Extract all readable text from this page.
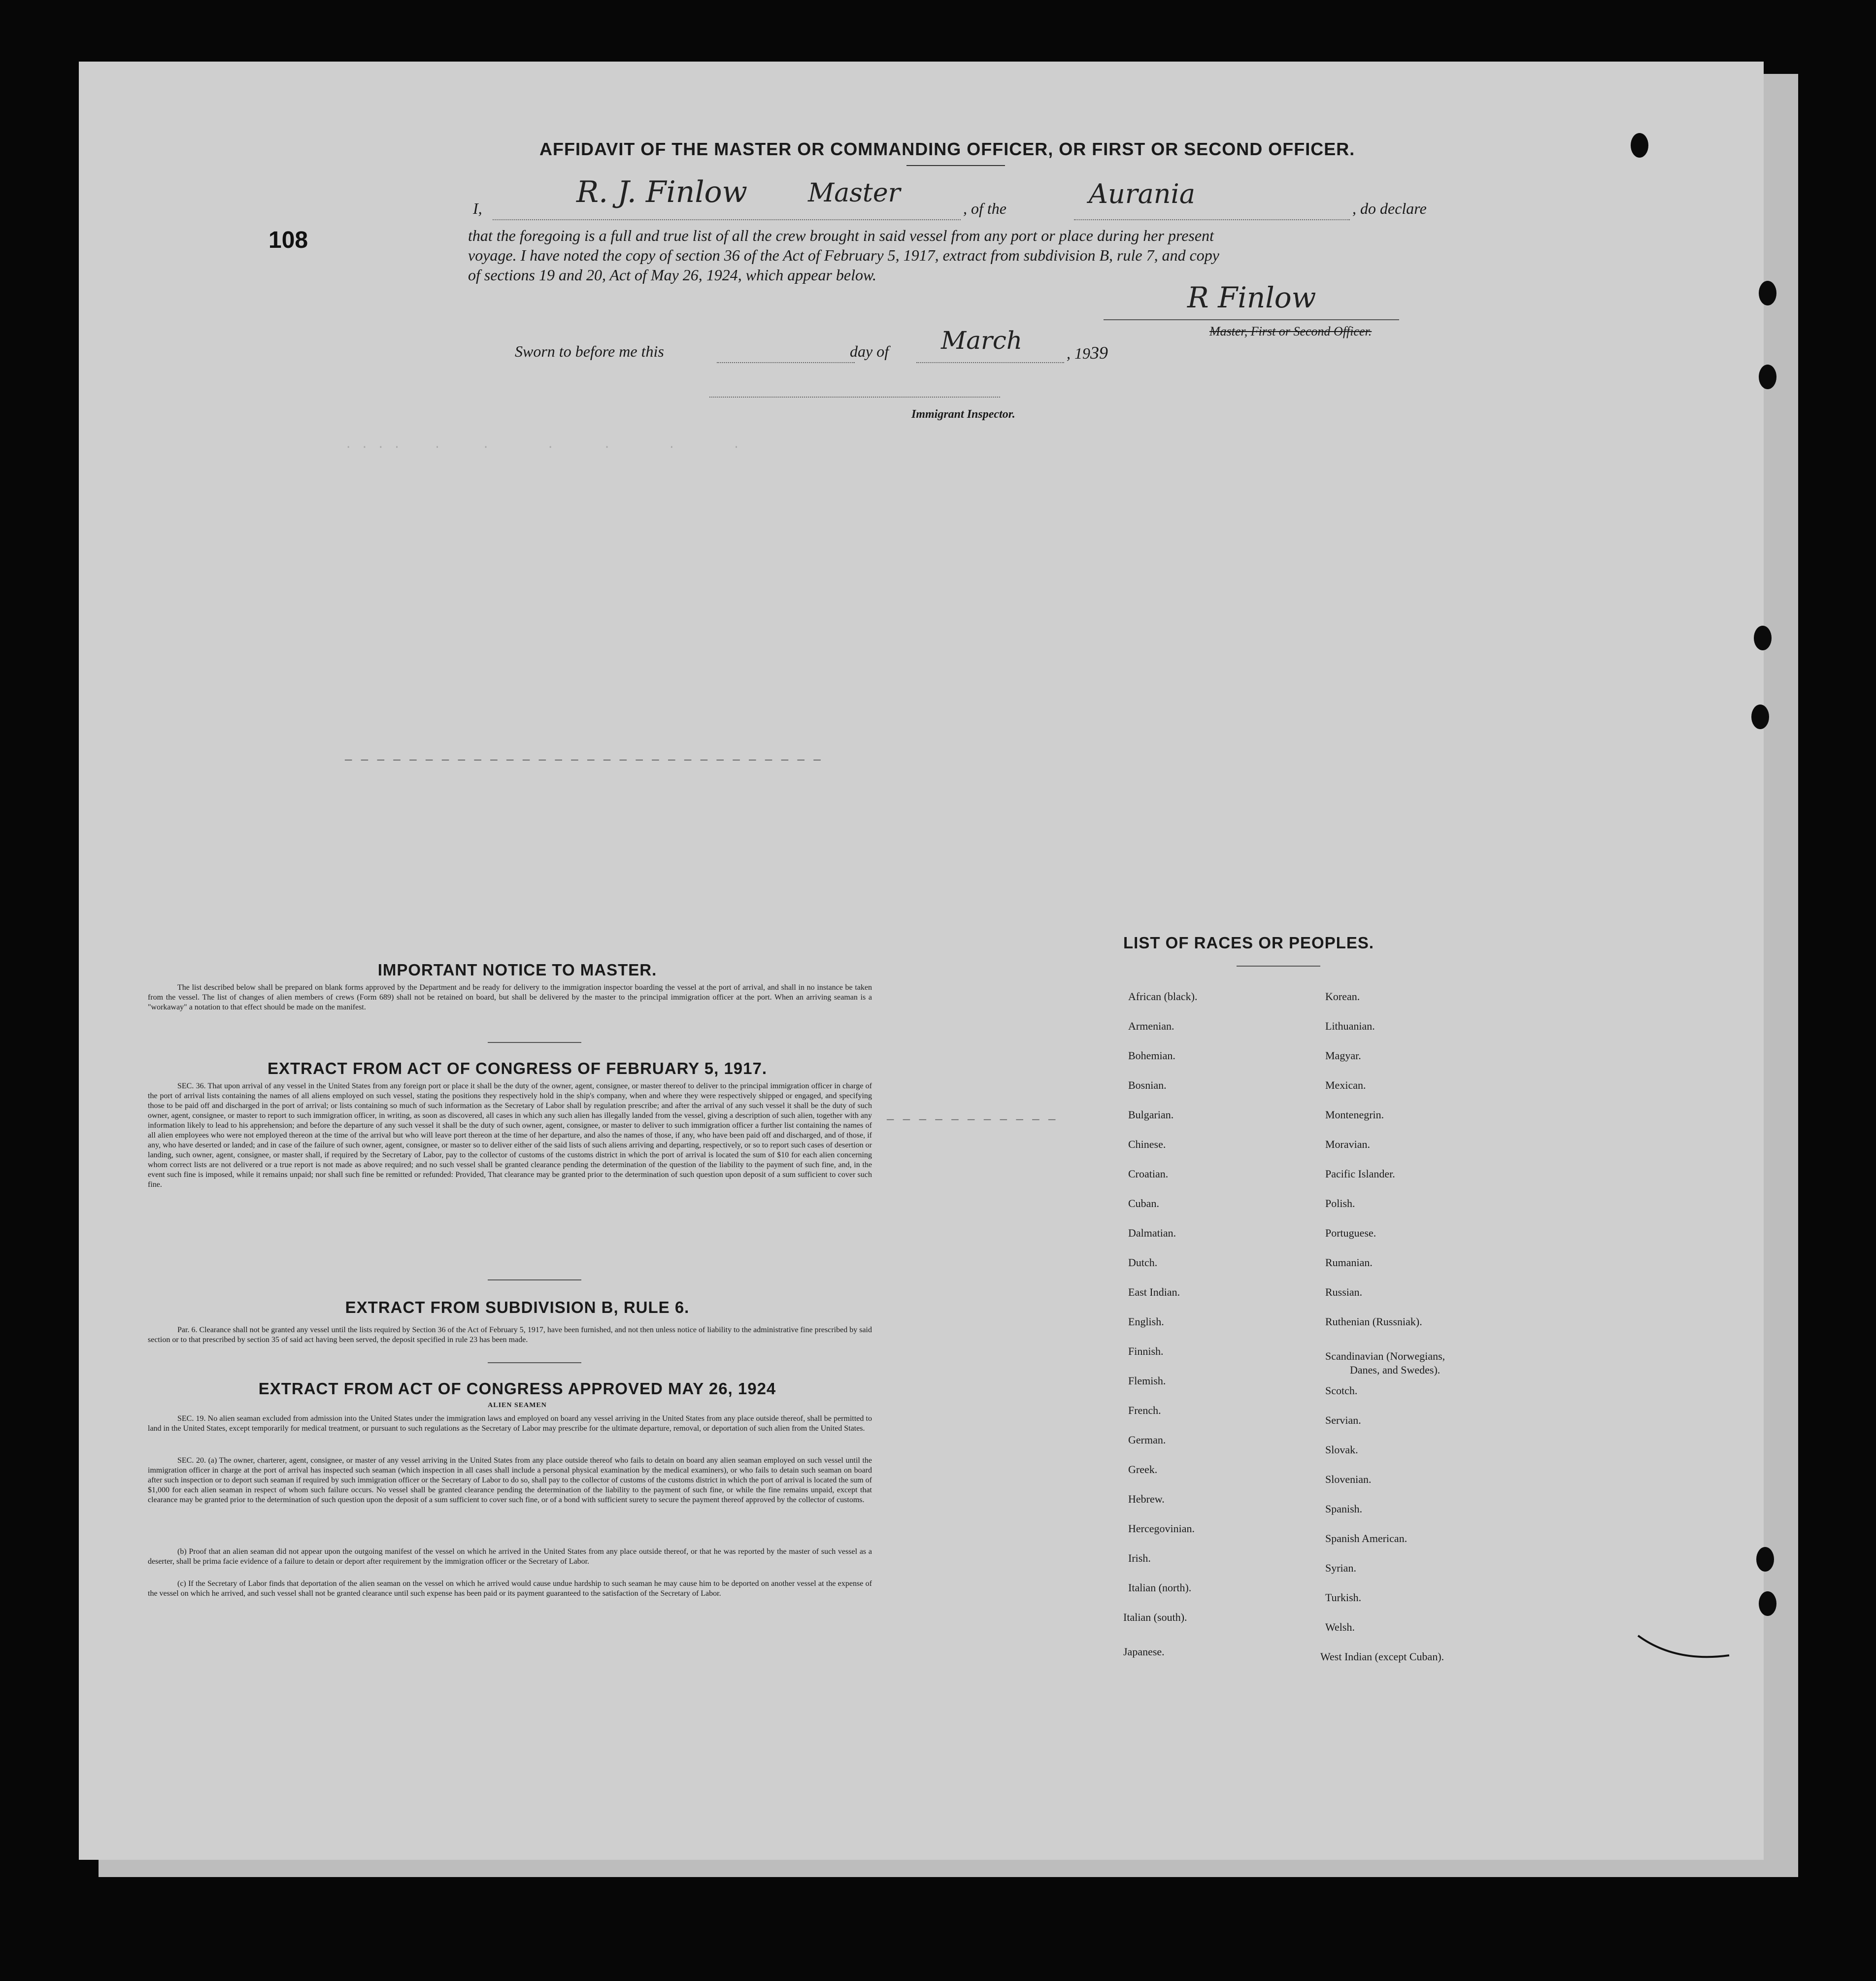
. . . .    .     .       .      .       .       .
— — — — — — — — — — — — — — — — — — — — — — — — — — — — — —
— — — — — — — — — — —
AFFIDAVIT OF THE MASTER OR COMMANDING OFFICER, OR FIRST OR SECOND OFFICER.
108
I,	R. J. Finlow Master
, of the	Aurania	, do declare
that the foregoing is a full and true list of all the crew brought in said vessel from any port or place during her present
voyage. I have noted the copy of section 36 of the Act of February 5, 1917, extract from subdivision B, rule 7, and copy
of sections 19 and 20, Act of May 26, 1924, which appear below.
R Finlow
Master, First or Second Officer.
Sworn to before me this	day of March	, 1939
Immigrant Inspector.
IMPORTANT NOTICE TO MASTER.
The list described below shall be prepared on blank forms approved by the Department and be ready for delivery to the immigration inspector boarding the vessel at the port of arrival, and shall in no instance be taken from the vessel. The list of changes of alien members of crews (Form 689) shall not be retained on board, but shall be delivered by the master to the principal immigration officer at the port. When an arriving seaman is a "workaway" a notation to that effect should be made on the manifest.
EXTRACT FROM ACT OF CONGRESS OF FEBRUARY 5, 1917.
SEC. 36. That upon arrival of any vessel in the United States from any foreign port or place it shall be the duty of the owner, agent, consignee, or master thereof to deliver to the principal immigration officer in charge of the port of arrival lists containing the names of all aliens employed on such vessel, stating the positions they respectively hold in the ship's company, when and where they were respectively shipped or engaged, and specifying those to be paid off and discharged in the port of arrival; or lists containing so much of such information as the Secretary of Labor shall by regulation prescribe; and after the arrival of any such vessel it shall be the duty of such owner, agent, consignee, or master to report to such immigration officer, in writing, as soon as discovered, all cases in which any such alien has illegally landed from the vessel, giving a description of such alien, together with any information likely to lead to his apprehension; and before the departure of any such vessel it shall be the duty of such owner, agent, consignee, or master to deliver to such immigration officer a further list containing the names of all alien employees who were not employed thereon at the time of the arrival but who will leave port thereon at the time of her departure, and also the names of those, if any, who have been paid off and discharged, and of those, if any, who have deserted or landed; and in case of the failure of such owner, agent, consignee, or master so to deliver either of the said lists of such aliens arriving and departing, respectively, or so to report such cases of desertion or landing, such owner, agent, consignee, or master shall, if required by the Secretary of Labor, pay to the collector of customs of the customs district in which the port of arrival is located the sum of $10 for each alien concerning whom correct lists are not delivered or a true report is not made as above required; and no such vessel shall be granted clearance pending the determination of the question of the liability to the payment of such fine, and, in the event such fine is imposed, while it remains unpaid; nor shall such fine be remitted or refunded: Provided, That clearance may be granted prior to the determination of such question upon deposit of a sum sufficient to cover such fine.
EXTRACT FROM SUBDIVISION B, RULE 6.
Par. 6. Clearance shall not be granted any vessel until the lists required by Section 36 of the Act of February 5, 1917, have been furnished, and not then unless notice of liability to the administrative fine prescribed by said section or to that prescribed by section 35 of said act having been served, the deposit specified in rule 23 has been made.
EXTRACT FROM ACT OF CONGRESS APPROVED MAY 26, 1924
ALIEN SEAMEN
SEC. 19. No alien seaman excluded from admission into the United States under the immigration laws and employed on board any vessel arriving in the United States from any place outside thereof, shall be permitted to land in the United States, except temporarily for medical treatment, or pursuant to such regulations as the Secretary of Labor may prescribe for the ultimate departure, removal, or deportation of such alien from the United States.
SEC. 20. (a) The owner, charterer, agent, consignee, or master of any vessel arriving in the United States from any place outside thereof who fails to detain on board any alien seaman employed on such vessel until the immigration officer in charge at the port of arrival has inspected such seaman (which inspection in all cases shall include a personal physical examination by the medical examiners), or who fails to detain such seaman on board after such inspection or to deport such seaman if required by such immigration officer or the Secretary of Labor to do so, shall pay to the collector of customs of the customs district in which the port of arrival is located the sum of $1,000 for each alien seaman in respect of whom such failure occurs. No vessel shall be granted clearance pending the determination of the liability to the payment of such fine, or while the fine remains unpaid, except that clearance may be granted prior to the determination of such question upon the deposit of a sum sufficient to cover such fine, or of a bond with sufficient surety to secure the payment thereof approved by the collector of customs.
(b) Proof that an alien seaman did not appear upon the outgoing manifest of the vessel on which he arrived in the United States from any place outside thereof, or that he was reported by the master of such vessel as a deserter, shall be prima facie evidence of a failure to detain or deport after requirement by the immigration officer or the Secretary of Labor.
(c) If the Secretary of Labor finds that deportation of the alien seaman on the vessel on which he arrived would cause undue hardship to such seaman he may cause him to be deported on another vessel at the expense of the vessel on which he arrived, and such vessel shall not be granted clearance until such expense has been paid or its payment guaranteed to the satisfaction of the Secretary of Labor.
LIST OF RACES OR PEOPLES.
African (black).
Armenian.
Bohemian.
Bosnian.
Bulgarian.
Chinese.
Croatian.
Cuban.
Dalmatian.
Dutch.
East Indian.
English.
Finnish.
Flemish.
French.
German.
Greek.
Hebrew.
Hercegovinian.
Irish.
Italian (north).
Italian (south).
Japanese.
Korean.
Lithuanian.
Magyar.
Mexican.
Montenegrin.
Moravian.
Pacific Islander.
Polish.
Portuguese.
Rumanian.
Russian.
Ruthenian (Russniak).
Scandinavian (Norwegians,
Danes, and Swedes).
Scotch.
Servian.
Slovak.
Slovenian.
Spanish.
Spanish American.
Syrian.
Turkish.
Welsh.
West Indian (except Cuban).
